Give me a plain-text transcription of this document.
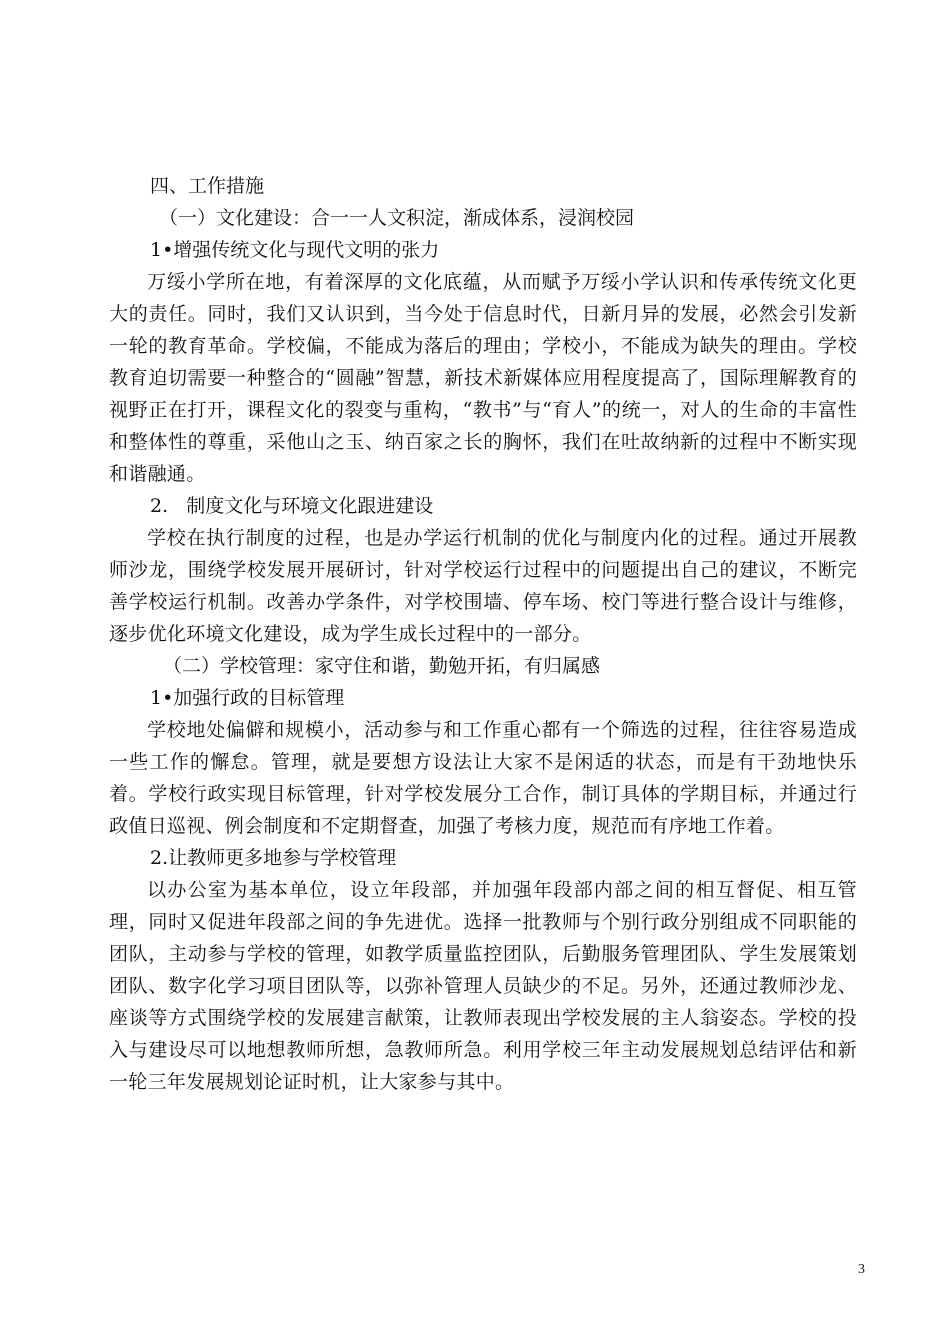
四、工作措施

（一）文化建设：合一一人文积淀，渐成体系，浸润校园

1•增强传统文化与现代文明的张力

万绥小学所在地，有着深厚的文化底蕴，从而赋予万绥小学认识和传承传统文化更大的责任。同时，我们又认识到，当今处于信息时代，日新月异的发展，必然会引发新一轮的教育革命。学校偏，不能成为落后的理由；学校小，不能成为缺失的理由。学校教育迫切需要一种整合的“圆融”智慧，新技术新媒体应用程度提高了，国际理解教育的视野正在打开，课程文化的裂变与重构，“教书”与“育人”的统一，对人的生命的丰富性和整体性的尊重，采他山之玉、纳百家之长的胸怀，我们在吐故纳新的过程中不断实现和谐融通。

2.   制度文化与环境文化跟进建设

学校在执行制度的过程，也是办学运行机制的优化与制度内化的过程。通过开展教师沙龙，围绕学校发展开展研讨，针对学校运行过程中的问题提出自己的建议，不断完善学校运行机制。改善办学条件，对学校围墙、停车场、校门等进行整合设计与维修，逐步优化环境文化建设，成为学生成长过程中的一部分。

（二）学校管理：家守住和谐，勤勉开拓，有归属感

1•加强行政的目标管理

学校地处偏僻和规模小，活动参与和工作重心都有一个筛选的过程，往往容易造成一些工作的懈怠。管理，就是要想方设法让大家不是闲适的状态，而是有干劲地快乐着。学校行政实现目标管理，针对学校发展分工合作，制订具体的学期目标，并通过行政值日巡视、例会制度和不定期督查，加强了考核力度，规范而有序地工作着。

2.让教师更多地参与学校管理

以办公室为基本单位，设立年段部，并加强年段部内部之间的相互督促、相互管理，同时又促进年段部之间的争先进优。选择一批教师与个别行政分别组成不同职能的团队，主动参与学校的管理，如教学质量监控团队，后勤服务管理团队、学生发展策划团队、数字化学习项目团队等，以弥补管理人员缺少的不足。另外，还通过教师沙龙、座谈等方式围绕学校的发展建言献策，让教师表现出学校发展的主人翁姿态。学校的投入与建设尽可以地想教师所想，急教师所急。利用学校三年主动发展规划总结评估和新一轮三年发展规划论证时机，让大家参与其中。

3
